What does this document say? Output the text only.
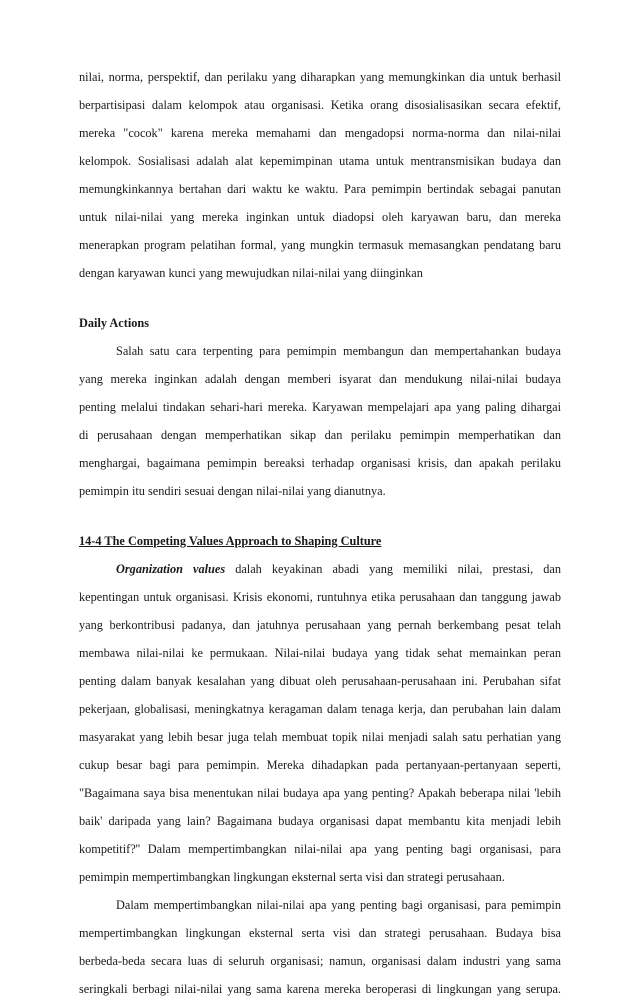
nilai, norma, perspektif, dan perilaku yang diharapkan yang memungkinkan dia untuk berhasil

berpartisipasi dalam kelompok atau organisasi. Ketika orang disosialisasikan secara efektif,

mereka "cocok" karena mereka memahami dan mengadopsi norma-norma dan nilai-nilai

kelompok. Sosialisasi adalah alat kepemimpinan utama untuk mentransmisikan budaya dan

memungkinkannya bertahan dari waktu ke waktu. Para pemimpin bertindak sebagai panutan

untuk nilai-nilai yang mereka inginkan untuk diadopsi oleh karyawan baru, dan mereka

menerapkan program pelatihan formal, yang mungkin termasuk memasangkan pendatang baru

dengan karyawan kunci yang mewujudkan nilai-nilai yang diinginkan

Daily Actions

Salah satu cara terpenting para pemimpin membangun dan mempertahankan budaya

yang mereka inginkan adalah dengan memberi isyarat dan mendukung nilai-nilai budaya

penting melalui tindakan sehari-hari mereka. Karyawan mempelajari apa yang paling dihargai

di perusahaan dengan memperhatikan sikap dan perilaku pemimpin memperhatikan dan

menghargai, bagaimana pemimpin bereaksi terhadap organisasi krisis, dan apakah perilaku

pemimpin itu sendiri sesuai dengan nilai-nilai yang dianutnya.

14-4 The Competing Values Approach to Shaping Culture

Organization values dalah keyakinan abadi yang memiliki nilai, prestasi, dan

kepentingan untuk organisasi. Krisis ekonomi, runtuhnya etika perusahaan dan tanggung jawab

yang berkontribusi padanya, dan jatuhnya perusahaan yang pernah berkembang pesat telah

membawa nilai-nilai ke permukaan. Nilai-nilai budaya yang tidak sehat memainkan peran

penting dalam banyak kesalahan yang dibuat oleh perusahaan-perusahaan ini. Perubahan sifat

pekerjaan, globalisasi, meningkatnya keragaman dalam tenaga kerja, dan perubahan lain dalam

masyarakat yang lebih besar juga telah membuat topik nilai menjadi salah satu perhatian yang

cukup besar bagi para pemimpin. Mereka dihadapkan pada pertanyaan-pertanyaan seperti,

"Bagaimana saya bisa menentukan nilai budaya apa yang penting? Apakah beberapa nilai 'lebih

baik' daripada yang lain? Bagaimana budaya organisasi dapat membantu kita menjadi lebih

kompetitif?'' Dalam mempertimbangkan nilai-nilai apa yang penting bagi organisasi, para

pemimpin mempertimbangkan lingkungan eksternal serta visi dan strategi perusahaan.

Dalam mempertimbangkan nilai-nilai apa yang penting bagi organisasi, para pemimpin

mempertimbangkan lingkungan eksternal serta visi dan strategi perusahaan. Budaya bisa

berbeda-beda secara luas di seluruh organisasi; namun, organisasi dalam industri yang sama

seringkali berbagi nilai-nilai yang sama karena mereka beroperasi di lingkungan yang serupa.
